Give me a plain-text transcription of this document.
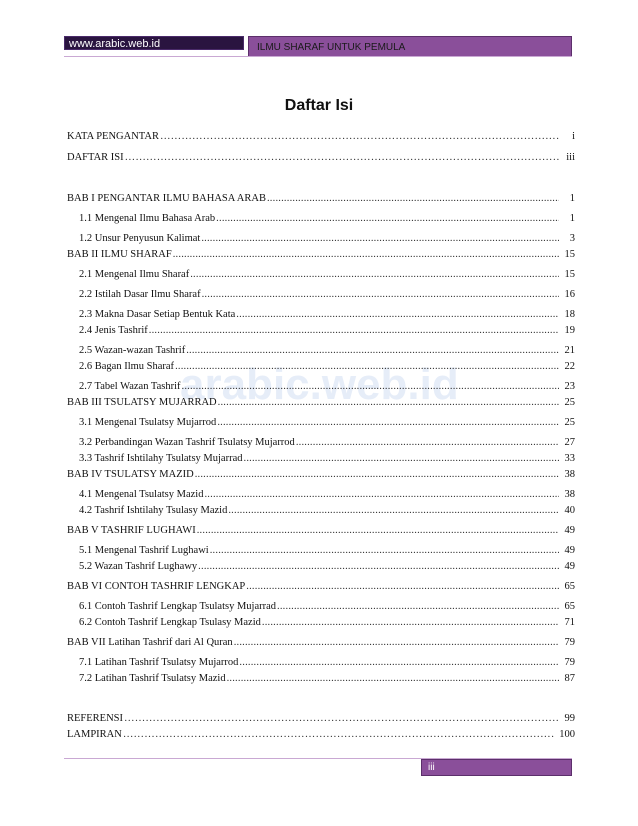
www.arabic.web.id	ILMU SHARAF UNTUK PEMULA
Daftar Isi
arabic.web.id
KATA PENGANTAR …………………………………………………………………………………………………………………………………………………………	i
DAFTAR ISI …………………………………………………………………………………………………………………………………………………………	iii
BAB I PENGANTAR ILMU BAHASA ARAB .....	1
1.1 Mengenal Ilmu Bahasa Arab .....	1
1.2 Unsur Penyusun Kalimat .....	3
BAB II ILMU SHARAF .....	15
2.1 Mengenal Ilmu Sharaf .....	15
2.2 Istilah Dasar Ilmu Sharaf .....	16
2.3 Makna Dasar Setiap Bentuk Kata .....	18
2.4 Jenis Tashrif .....	19
2.5 Wazan-wazan Tashrif .....	21
2.6 Bagan Ilmu Sharaf .....	22
2.7 Tabel Wazan Tashrif .....	23
BAB III TSULATSY MUJARRAD .....	25
3.1 Mengenal Tsulatsy Mujarrod .....	25
3.2 Perbandingan Wazan Tashrif Tsulatsy Mujarrod .....	27
3.3 Tashrif Ishtilahy Tsulatsy Mujarrad .....	33
BAB IV TSULATSY MAZID .....	38
4.1 Mengenal Tsulatsy Mazid .....	38
4.2 Tashrif Ishtilahy Tsulasy Mazid .....	40
BAB V TASHRIF LUGHAWI .....	49
5.1 Mengenal Tashrif Lughawi .....	49
5.2 Wazan Tashrif Lughawy .....	49
BAB VI CONTOH TASHRIF LENGKAP .....	65
6.1 Contoh Tashrif Lengkap Tsulatsy Mujarrad .....	65
6.2 Contoh Tashrif Lengkap Tsulasy Mazid .....	71
BAB VII Latihan Tashrif dari Al Quran .....	79
7.1 Latihan Tashrif Tsulatsy Mujarrod .....	79
7.2 Latihan Tashrif Tsulatsy Mazid .....	87
REFERENSI …………………………………………………………………………………………………………………………………………………………	99
LAMPIRAN …………………………………………………………………………………………………………………………………………………………	100
iii
